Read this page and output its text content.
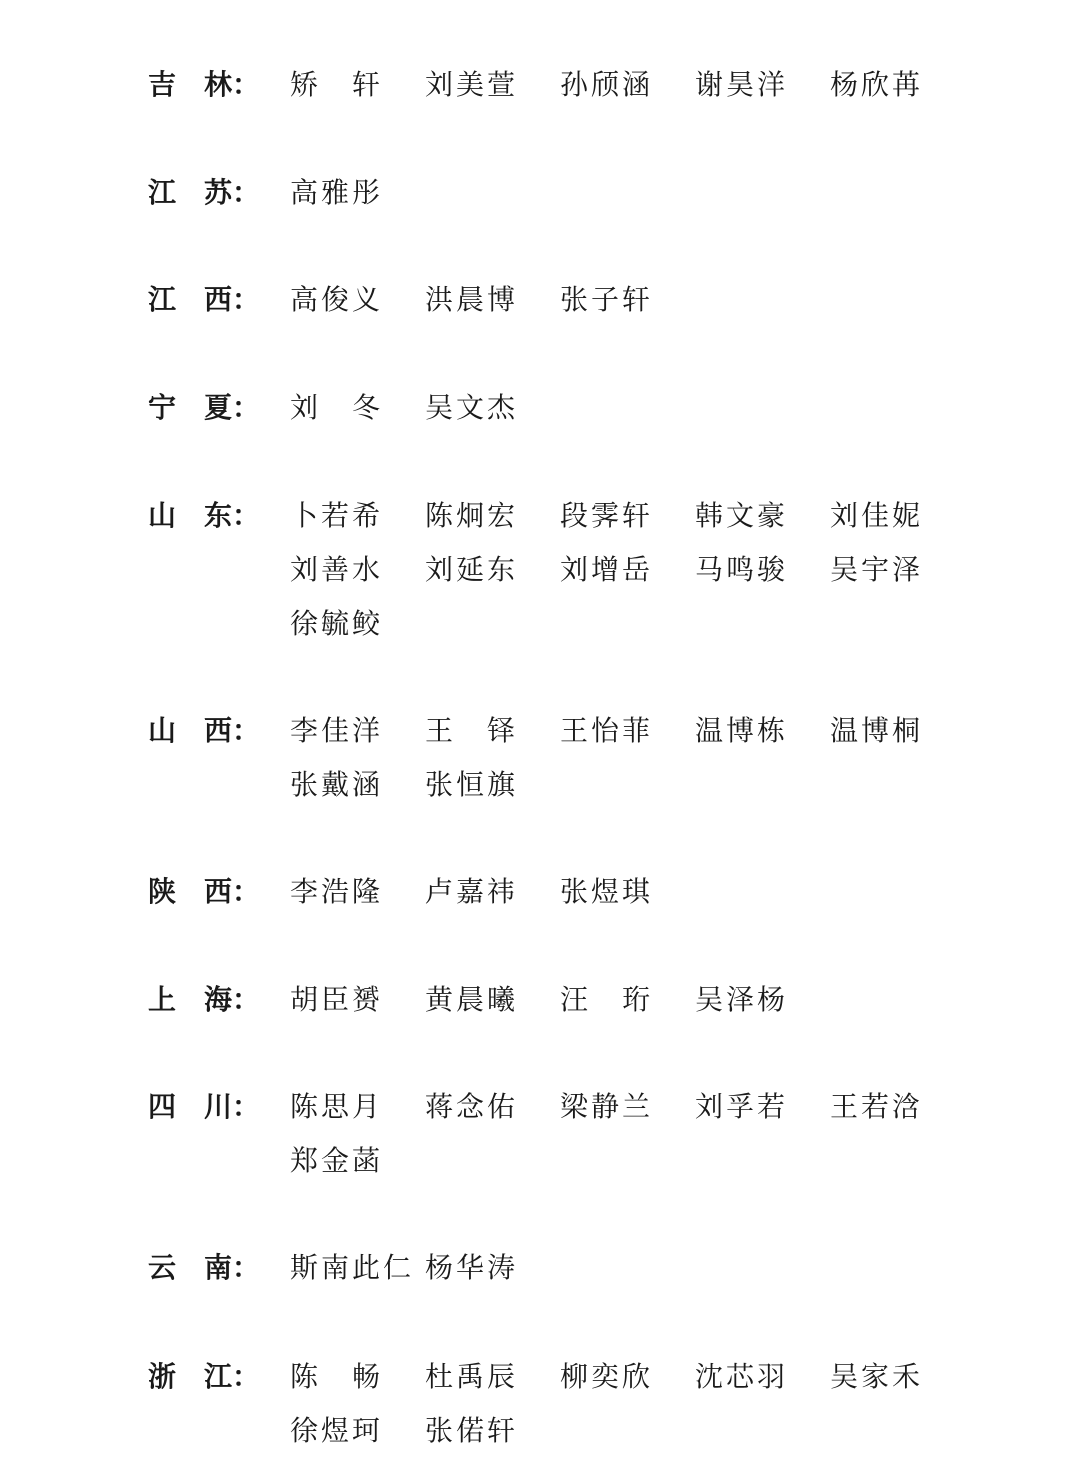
吉　林：	矫　轩 刘美萱 孙颀涵 谢昊洋 杨欣苒
江　苏：	高雅彤
江　西：	高俊义 洪晨博 张子轩
宁　夏：	刘　冬 吴文杰
山　东：	卜若希 陈炯宏 段霁轩 韩文豪 刘佳妮
刘善水 刘延东 刘增岳 马鸣骏 吴宇泽
徐毓鲛
山　西：	李佳洋 王　铎 王怡菲 温博栋 温博桐
张戴涵 张恒旗
陕　西：	李浩隆 卢嘉祎 张煜琪
上　海：	胡臣赟 黄晨曦 汪　珩 吴泽杨
四　川：	陈思月 蒋念佑 梁静兰 刘孚若 王若浛
郑金菡
云　南：	斯南此仁 杨华涛
浙　江：	陈　畅 杜禹辰 柳奕欣 沈芯羽 吴家禾
徐煜珂 张偌轩
